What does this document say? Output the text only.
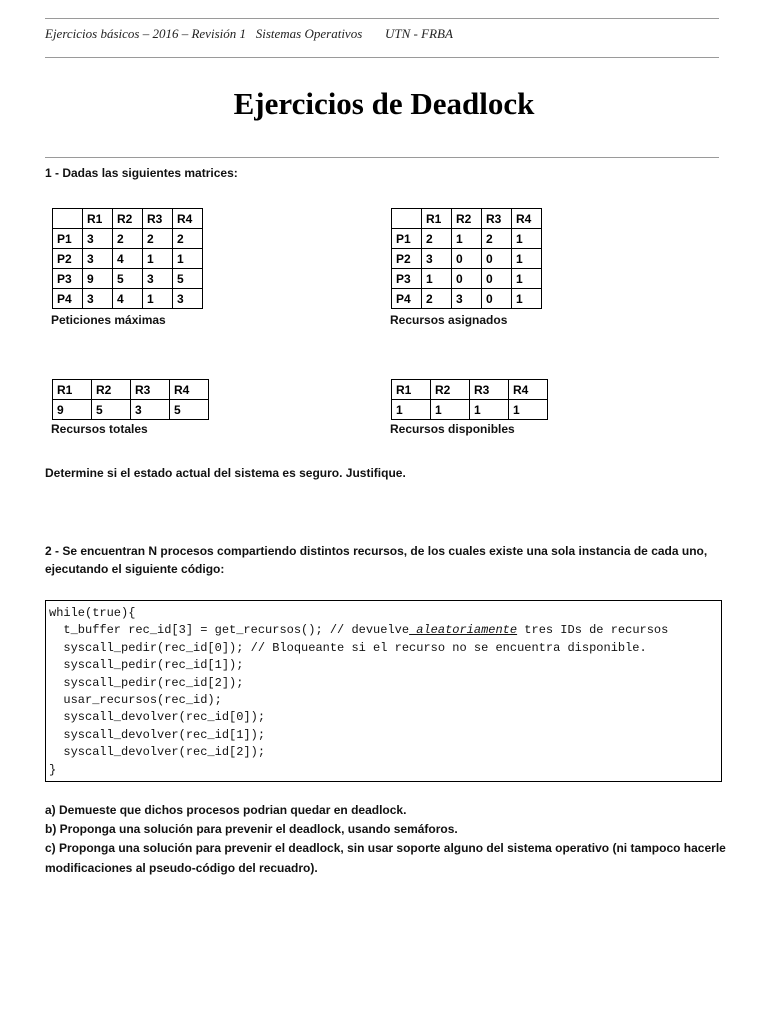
Ejercicios básicos – 2016 – Revisión 1   Sistemas Operativos       UTN - FRBA
Ejercicios de Deadlock
1 - Dadas las siguientes matrices:
	R1	R2	R3	R4
P1	3	2	2	2
P2	3	4	1	1
P3	9	5	3	5
P4	3	4	1	3
Peticiones máximas
	R1	R2	R3	R4
P1	2	1	2	1
P2	3	0	0	1
P3	1	0	0	1
P4	2	3	0	1
Recursos asignados
R1	R2	R3	R4
9	5	3	5
Recursos totales
R1	R2	R3	R4
1	1	1	1
Recursos disponibles
Determine si el estado actual del sistema es seguro. Justifique.
2 - Se encuentran N procesos compartiendo distintos recursos, de los cuales existe una sola instancia de cada uno,
ejecutando el siguiente código:
while(true){
t_buffer rec_id[3] = get_recursos(); // devuelve aleatoriamente tres IDs de recursos
syscall_pedir(rec_id[0]); // Bloqueante si el recurso no se encuentra disponible.
syscall_pedir(rec_id[1]);
syscall_pedir(rec_id[2]);
usar_recursos(rec_id);
syscall_devolver(rec_id[0]);
syscall_devolver(rec_id[1]);
syscall_devolver(rec_id[2]);
}
a) Demueste que dichos procesos podrian quedar en deadlock.
b) Proponga una solución para prevenir el deadlock, usando semáforos.
c) Proponga una solución para prevenir el deadlock, sin usar soporte alguno del sistema operativo (ni tampoco hacerle
modificaciones al pseudo-código del recuadro).
